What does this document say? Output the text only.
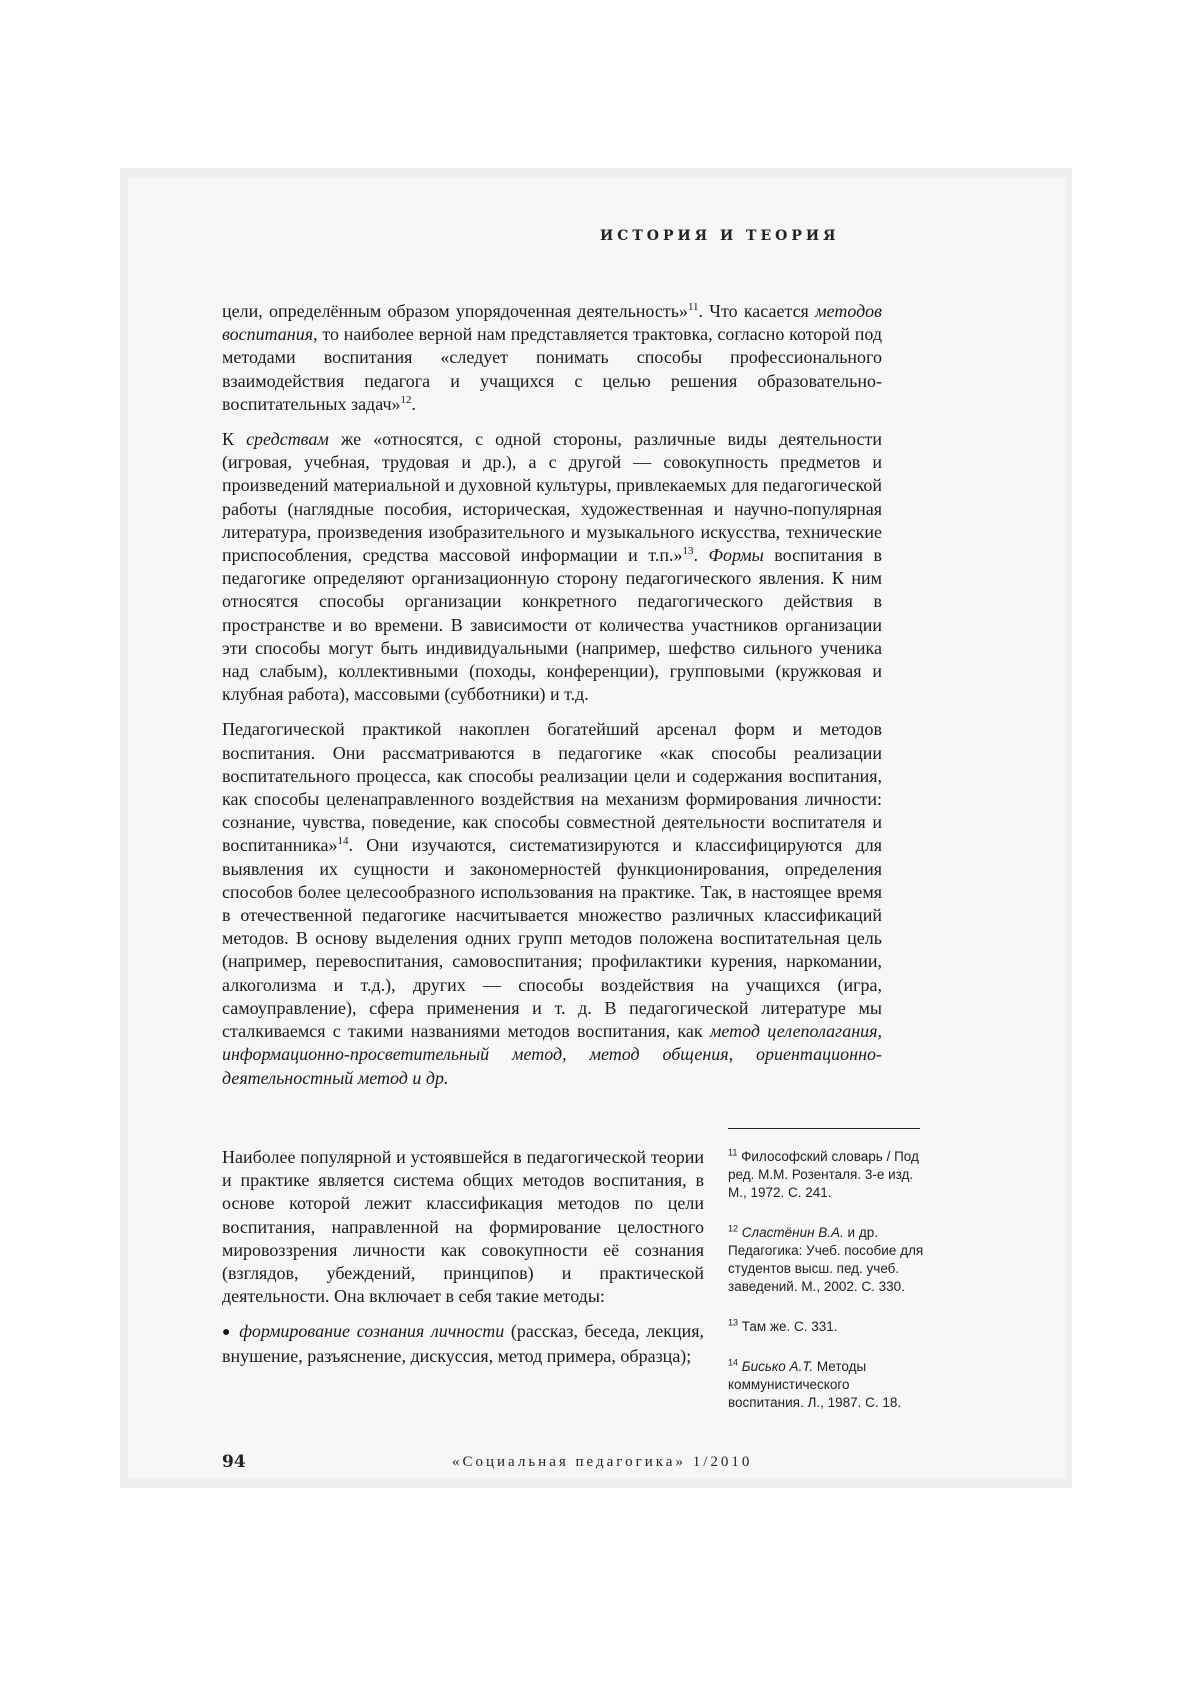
ИСТОРИЯ И ТЕОРИЯ

цели, определённым образом упорядоченная деятельность»$^{11}$. Что касается методов воспитания, то наиболее верной нам представляется трактовка, согласно которой под методами воспитания «следует понимать способы профессионального взаимодействия педагога и учащихся с целью решения образовательно-воспитательных задач»$^{12}$.

К средствам же «относятся, с одной стороны, различные виды деятельности (игровая, учебная, трудовая и др.), а с другой — совокупность предметов и произведений материальной и духовной культуры, привлекаемых для педагогической работы (наглядные пособия, историческая, художественная и научно-популярная литература, произведения изобразительного и музыкального искусства, технические приспособления, средства массовой информации и т.п.»$^{13}$. Формы воспитания в педагогике определяют организационную сторону педагогического явления. К ним относятся способы организации конкретного педагогического действия в пространстве и во времени. В зависимости от количества участников организации эти способы могут быть индивидуальными (например, шефство сильного ученика над слабым), коллективными (походы, конференции), групповыми (кружковая и клубная работа), массовыми (субботники) и т.д.

Педагогической практикой накоплен богатейший арсенал форм и методов воспитания. Они рассматриваются в педагогике «как способы реализации воспитательного процесса, как способы реализации цели и содержания воспитания, как способы целенаправленного воздействия на механизм формирования личности: сознание, чувства, поведение, как способы совместной деятельности воспитателя и воспитанника»$^{14}$. Они изучаются, систематизируются и классифицируются для выявления их сущности и закономерностей функционирования, определения способов более целесообразного использования на практике. Так, в настоящее время в отечественной педагогике насчитывается множество различных классификаций методов. В основу выделения одних групп методов положена воспитательная цель (например, перевоспитания, самовоспитания; профилактики курения, наркомании, алкоголизма и т.д.), других — способы воздействия на учащихся (игра, самоуправление), сфера применения и т. д. В педагогической литературе мы сталкиваемся с такими названиями методов воспитания, как метод целеполагания, информационно-просветительный метод, метод общения, ориентационно-деятельностный метод и др.

Наиболее популярной и устоявшейся в педагогической теории и практике является система общих методов воспитания, в основе которой лежит классификация методов по цели воспитания, направленной на формирование целостного мировоззрения личности как совокупности её сознания (взглядов, убеждений, принципов) и практической деятельности. Она включает в себя такие методы:

● формирование сознания личности (рассказ, беседа, лекция, внушение, разъяснение, дискуссия, метод примера, образца);

$^{11}$ Философский словарь / Под ред. М.М. Розенталя. 3-е изд. М., 1972. С. 241.

$^{12}$ Сластёнин В.А. и др. Педагогика: Учеб. пособие для студентов высш. пед. учеб. заведений. М., 2002. С. 330.

$^{13}$ Там же. С. 331.

$^{14}$ Бисько А.Т. Методы коммунистического воспитания. Л., 1987. С. 18.

94	«Социальная педагогика» 1/2010
